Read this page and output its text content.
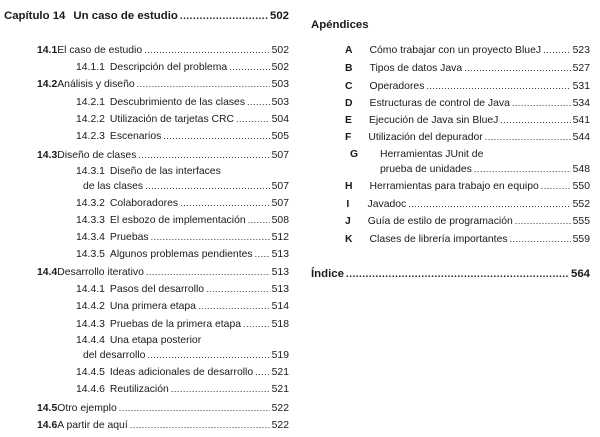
Capítulo 14 Un caso de estudio .....	502
14.1 El caso de estudio .....	502
14.1.1 Descripción del problema .....	502
14.2 Análisis y diseño .....	503
14.2.1 Descubrimiento de las clases .....	503
14.2.2 Utilización de tarjetas CRC .....	504
14.2.3 Escenarios .....	505
14.3 Diseño de clases .....	507
14.3.1 Diseño de las interfaces
de las clases .....	507
14.3.2 Colaboradores .....	507
14.3.3 El esbozo de implementación .....	508
14.3.4 Pruebas .....	512
14.3.5 Algunos problemas pendientes ..... 513
14.4 Desarrollo iterativo .....	513
14.4.1 Pasos del desarrollo .....	513
14.4.2 Una primera etapa .....	514
14.4.3 Pruebas de la primera etapa .....	518
14.4.4 Una etapa posterior
del desarrollo .....	519
14.4.5 Ideas adicionales de desarrollo ..... 521
14.4.6 Reutilización .....	521
14.5 Otro ejemplo .....	522
14.6 A partir de aquí .....	522
Apéndices
A Cómo trabajar con un proyecto BlueJ .....	523
B Tipos de datos Java .....	527
C Operadores .....	531
D Estructuras de control de Java .....	534
E Ejecución de Java sin BlueJ .....	541
F Utilización del depurador .....	544
G	Herramientas JUnit de
prueba de unidades .....	548
H Herramientas para trabajo en equipo .....	550
I Javadoc .....	552
J Guía de estilo de programación .....	555
K Clases de librería importantes .....	559
Índice .....	564
